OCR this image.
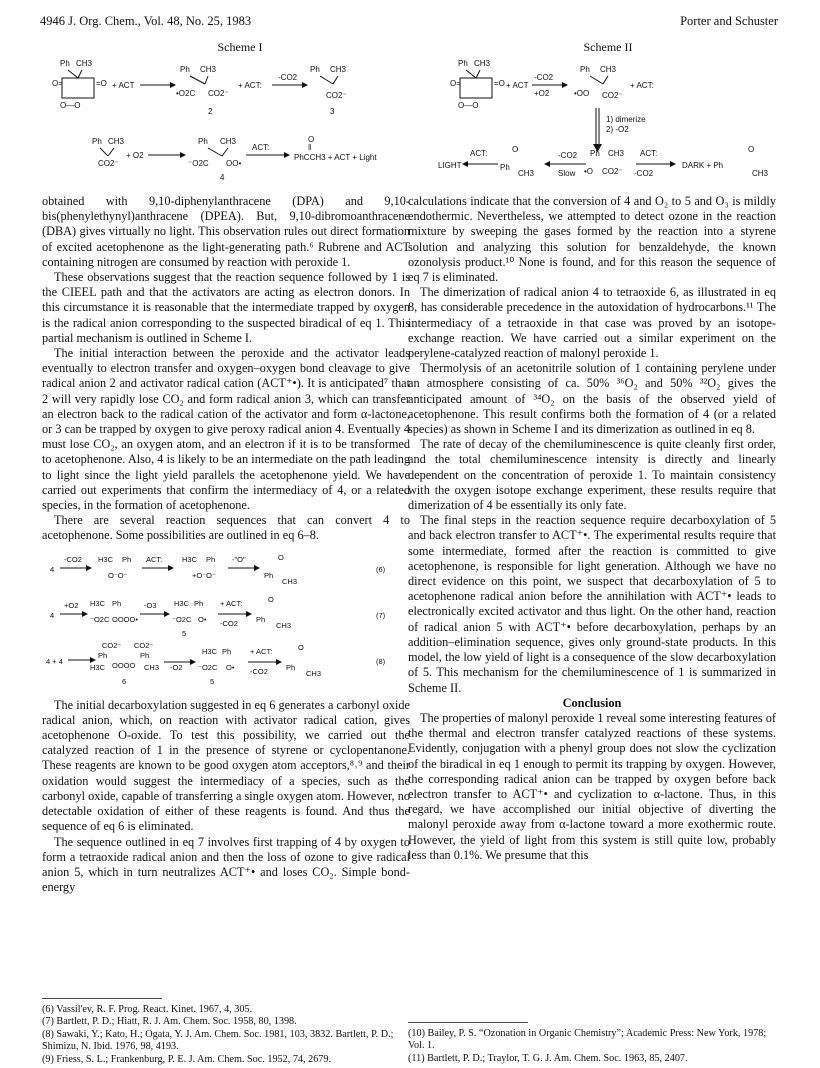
4946 J. Org. Chem., Vol. 48, No. 25, 1983	Porter and Schuster
Scheme I
Ph CH3
O=	=O
O—O
+ ACT
Ph CH3
•O2C CO2⁻
2
+ ACT:
-CO2
Ph CH3
CO2⁻
3
Ph CH3
CO2⁻
+ O2
Ph CH3
⁻O2C OO•
4
ACT:
O
‖
PhCCH3 + ACT + Light
Scheme II
Ph CH3
O=	=O
O—O
+ ACT
-CO2
+O2
Ph CH3
•OO CO2⁻
+ ACT:
1) dimerize
2) -O2
LIGHT
ACT:	O
Ph
CH3
-CO2
Slow
Ph CH3
•O CO2⁻
ACT:
-CO2
DARK + Ph
O
CH3

obtained with 9,10-diphenylanthracene (DPA) and 9,10-bis(phenylethynyl)anthracene (DPEA). But, 9,10-dibromoanthracene (DBA) gives virtually no light. This observation rules out direct formation of excited acetophenone as the light-generating path.⁶ Rubrene and ACT containing nitrogen are consumed by reaction with peroxide 1.

These observations suggest that the reaction sequence followed by 1 is the CIEEL path and that the activators are acting as electron donors. In this circumstance it is reasonable that the intermediate trapped by oxygen is the radical anion corresponding to the suspected biradical of eq 1. This partial mechanism is outlined in Scheme I.

The initial interaction between the peroxide and the activator leads eventually to electron transfer and oxygen–oxygen bond cleavage to give radical anion 2 and activator radical cation (ACT⁺•). It is anticipated⁷ that 2 will very rapidly lose CO₂ and form radical anion 3, which can transfer an electron back to the radical cation of the activator and form α-lactone, or 3 can be trapped by oxygen to give peroxy radical anion 4. Eventually 4 must lose CO₂, an oxygen atom, and an electron if it is to be transformed to acetophenone. Also, 4 is likely to be an intermediate on the path leading to light since the light yield parallels the acetophenone yield. We have carried out experiments that confirm the intermediacy of 4, or a related species, in the formation of acetophenone.

There are several reaction sequences that can convert 4 to acetophenone. Some possibilities are outlined in eq 6–8.

4
-CO2 H3C Ph
O⁻O⁻
ACT:	H3C Ph
+O⁻O⁻
-"O"	O
Ph
CH3
(6)
4
+O2 H3C Ph
⁻O2C OOOO•
-O3 H3C Ph
⁻O2C O•
5
+ ACT:
-CO2
O
Ph
CH3
(7)
4 + 4
CO2⁻ CO2⁻
Ph	Ph
H3C OOOO CH3
6
-O2
H3C Ph
⁻O2C O•
5
+ ACT:
-CO2
O
Ph
CH3
(8)

The initial decarboxylation suggested in eq 6 generates a carbonyl oxide radical anion, which, on reaction with activator radical cation, gives acetophenone O-oxide. To test this possibility, we carried out the catalyzed reaction of 1 in the presence of styrene or cyclopentanone. These reagents are known to be good oxygen atom acceptors,⁸˒⁹ and their oxidation would suggest the intermediacy of a species, such as the carbonyl oxide, capable of transferring a single oxygen atom. However, no detectable oxidation of either of these reagents is found. And thus the sequence of eq 6 is eliminated.

The sequence outlined in eq 7 involves first trapping of 4 by oxygen to form a tetraoxide radical anion and then the loss of ozone to give radical anion 5, which in turn neutralizes ACT⁺• and loses CO₂. Simple bond-energy

calculations indicate that the conversion of 4 and O₂ to 5 and O₃ is mildly endothermic. Nevertheless, we attempted to detect ozone in the reaction mixture by sweeping the gases formed by the reaction into a styrene solution and analyzing this solution for benzaldehyde, the known ozonolysis product.¹⁰ None is found, and for this reason the sequence of eq 7 is eliminated.

The dimerization of radical anion 4 to tetraoxide 6, as illustrated in eq 8, has considerable precedence in the autoxidation of hydrocarbons.¹¹ The intermediacy of a tetraoxide in that case was proved by an isotope-exchange reaction. We have carried out a similar experiment on the perylene-catalyzed reaction of malonyl peroxide 1.

Thermolysis of an acetonitrile solution of 1 containing perylene under an atmosphere consisting of ca. 50% ³⁶O₂ and 50% ³²O₂ gives the anticipated amount of ³⁴O₂ on the basis of the observed yield of acetophenone. This result confirms both the formation of 4 (or a related species) as shown in Scheme I and its dimerization as outlined in eq 8.

The rate of decay of the chemiluminescence is quite cleanly first order, and the total chemiluminescence intensity is directly and linearly dependent on the concentration of peroxide 1. To maintain consistency with the oxygen isotope exchange experiment, these results require that dimerization of 4 be essentially its only fate.

The final steps in the reaction sequence require decarboxylation of 5 and back electron transfer to ACT⁺•. The experimental results require that some intermediate, formed after the reaction is committed to give acetophenone, is responsible for light generation. Although we have no direct evidence on this point, we suspect that decarboxylation of 5 to acetophenone radical anion before the annihilation with ACT⁺• leads to electronically excited activator and thus light. On the other hand, reaction of radical anion 5 with ACT⁺• before decarboxylation, perhaps by an addition–elimination sequence, gives only ground-state products. In this model, the low yield of light is a consequence of the slow decarboxylation of 5. This mechanism for the chemiluminescence of 1 is summarized in Scheme II.

Conclusion

The properties of malonyl peroxide 1 reveal some interesting features of the thermal and electron transfer catalyzed reactions of these systems. Evidently, conjugation with a phenyl group does not slow the cyclization of the biradical in eq 1 enough to permit its trapping by oxygen. However, the corresponding radical anion can be trapped by oxygen before back electron transfer to ACT⁺• and cyclization to α-lactone. Thus, in this regard, we have accomplished our initial objective of diverting the malonyl peroxide away from α-lactone toward a more exothermic route. However, the yield of light from this system is still quite low, probably less than 0.1%. We presume that this

(6) Vassil'ev, R. F. Prog. React. Kinet. 1967, 4, 305.
(7) Bartlett, P. D.; Hiatt, R. J. Am. Chem. Soc. 1958, 80, 1398.
(8) Sawaki, Y.; Kato, H.; Ogata, Y. J. Am. Chem. Soc. 1981, 103, 3832. Bartlett, P. D.; Shimizu, N. Ibid. 1976, 98, 4193.
(9) Friess, S. L.; Frankenburg, P. E. J. Am. Chem. Soc. 1952, 74, 2679.
(10) Bailey, P. S. “Ozonation in Organic Chemistry”; Academic Press: New York, 1978; Vol. 1.
(11) Bartlett, P. D.; Traylor, T. G. J. Am. Chem. Soc. 1963, 85, 2407.
